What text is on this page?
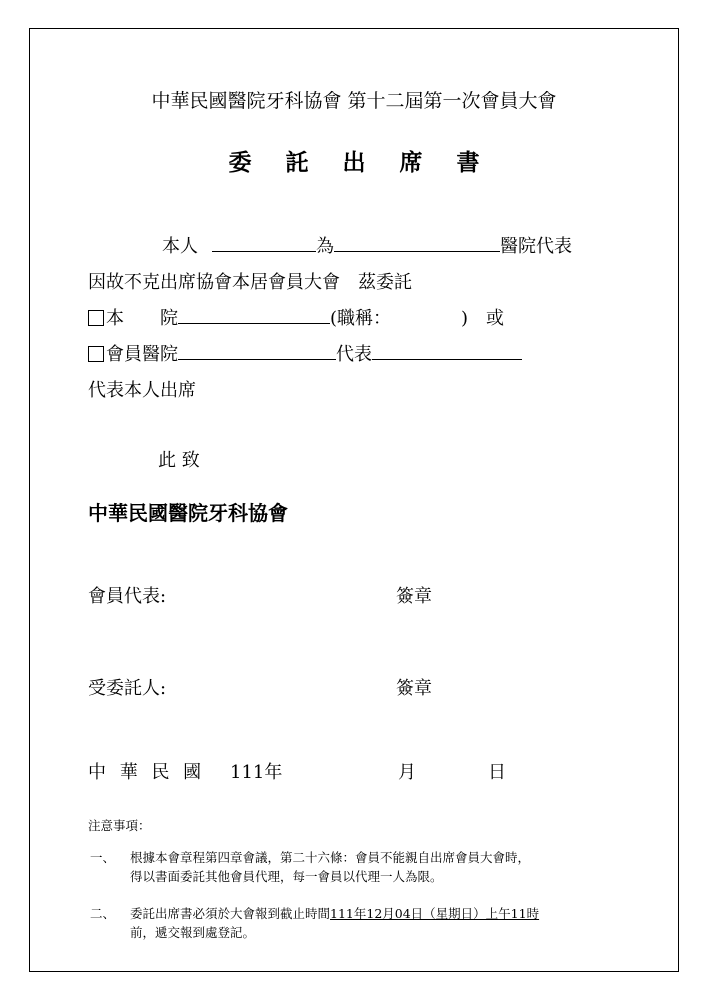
中華民國醫院牙科協會 第十二屆第一次會員大會
委託出席書
本人	為	醫院代表
因故不克出席協會本居會員大會　茲委託
本　　院	(職稱：	)　或
會員醫院	代表
代表本人出席
此 致
中華民國醫院牙科協會
會員代表:	簽章
受委託人:	簽章
中 華 民 國 111年	月	日
注意事項：
一、 根據本會章程第四章會議，第二十六條：會員不能親自出席會員大會時，
得以書面委託其他會員代理，每一會員以代理一人為限。
二、 委託出席書必須於大會報到截止時間111年12月04日（星期日）上午11時
前，遞交報到處登記。
